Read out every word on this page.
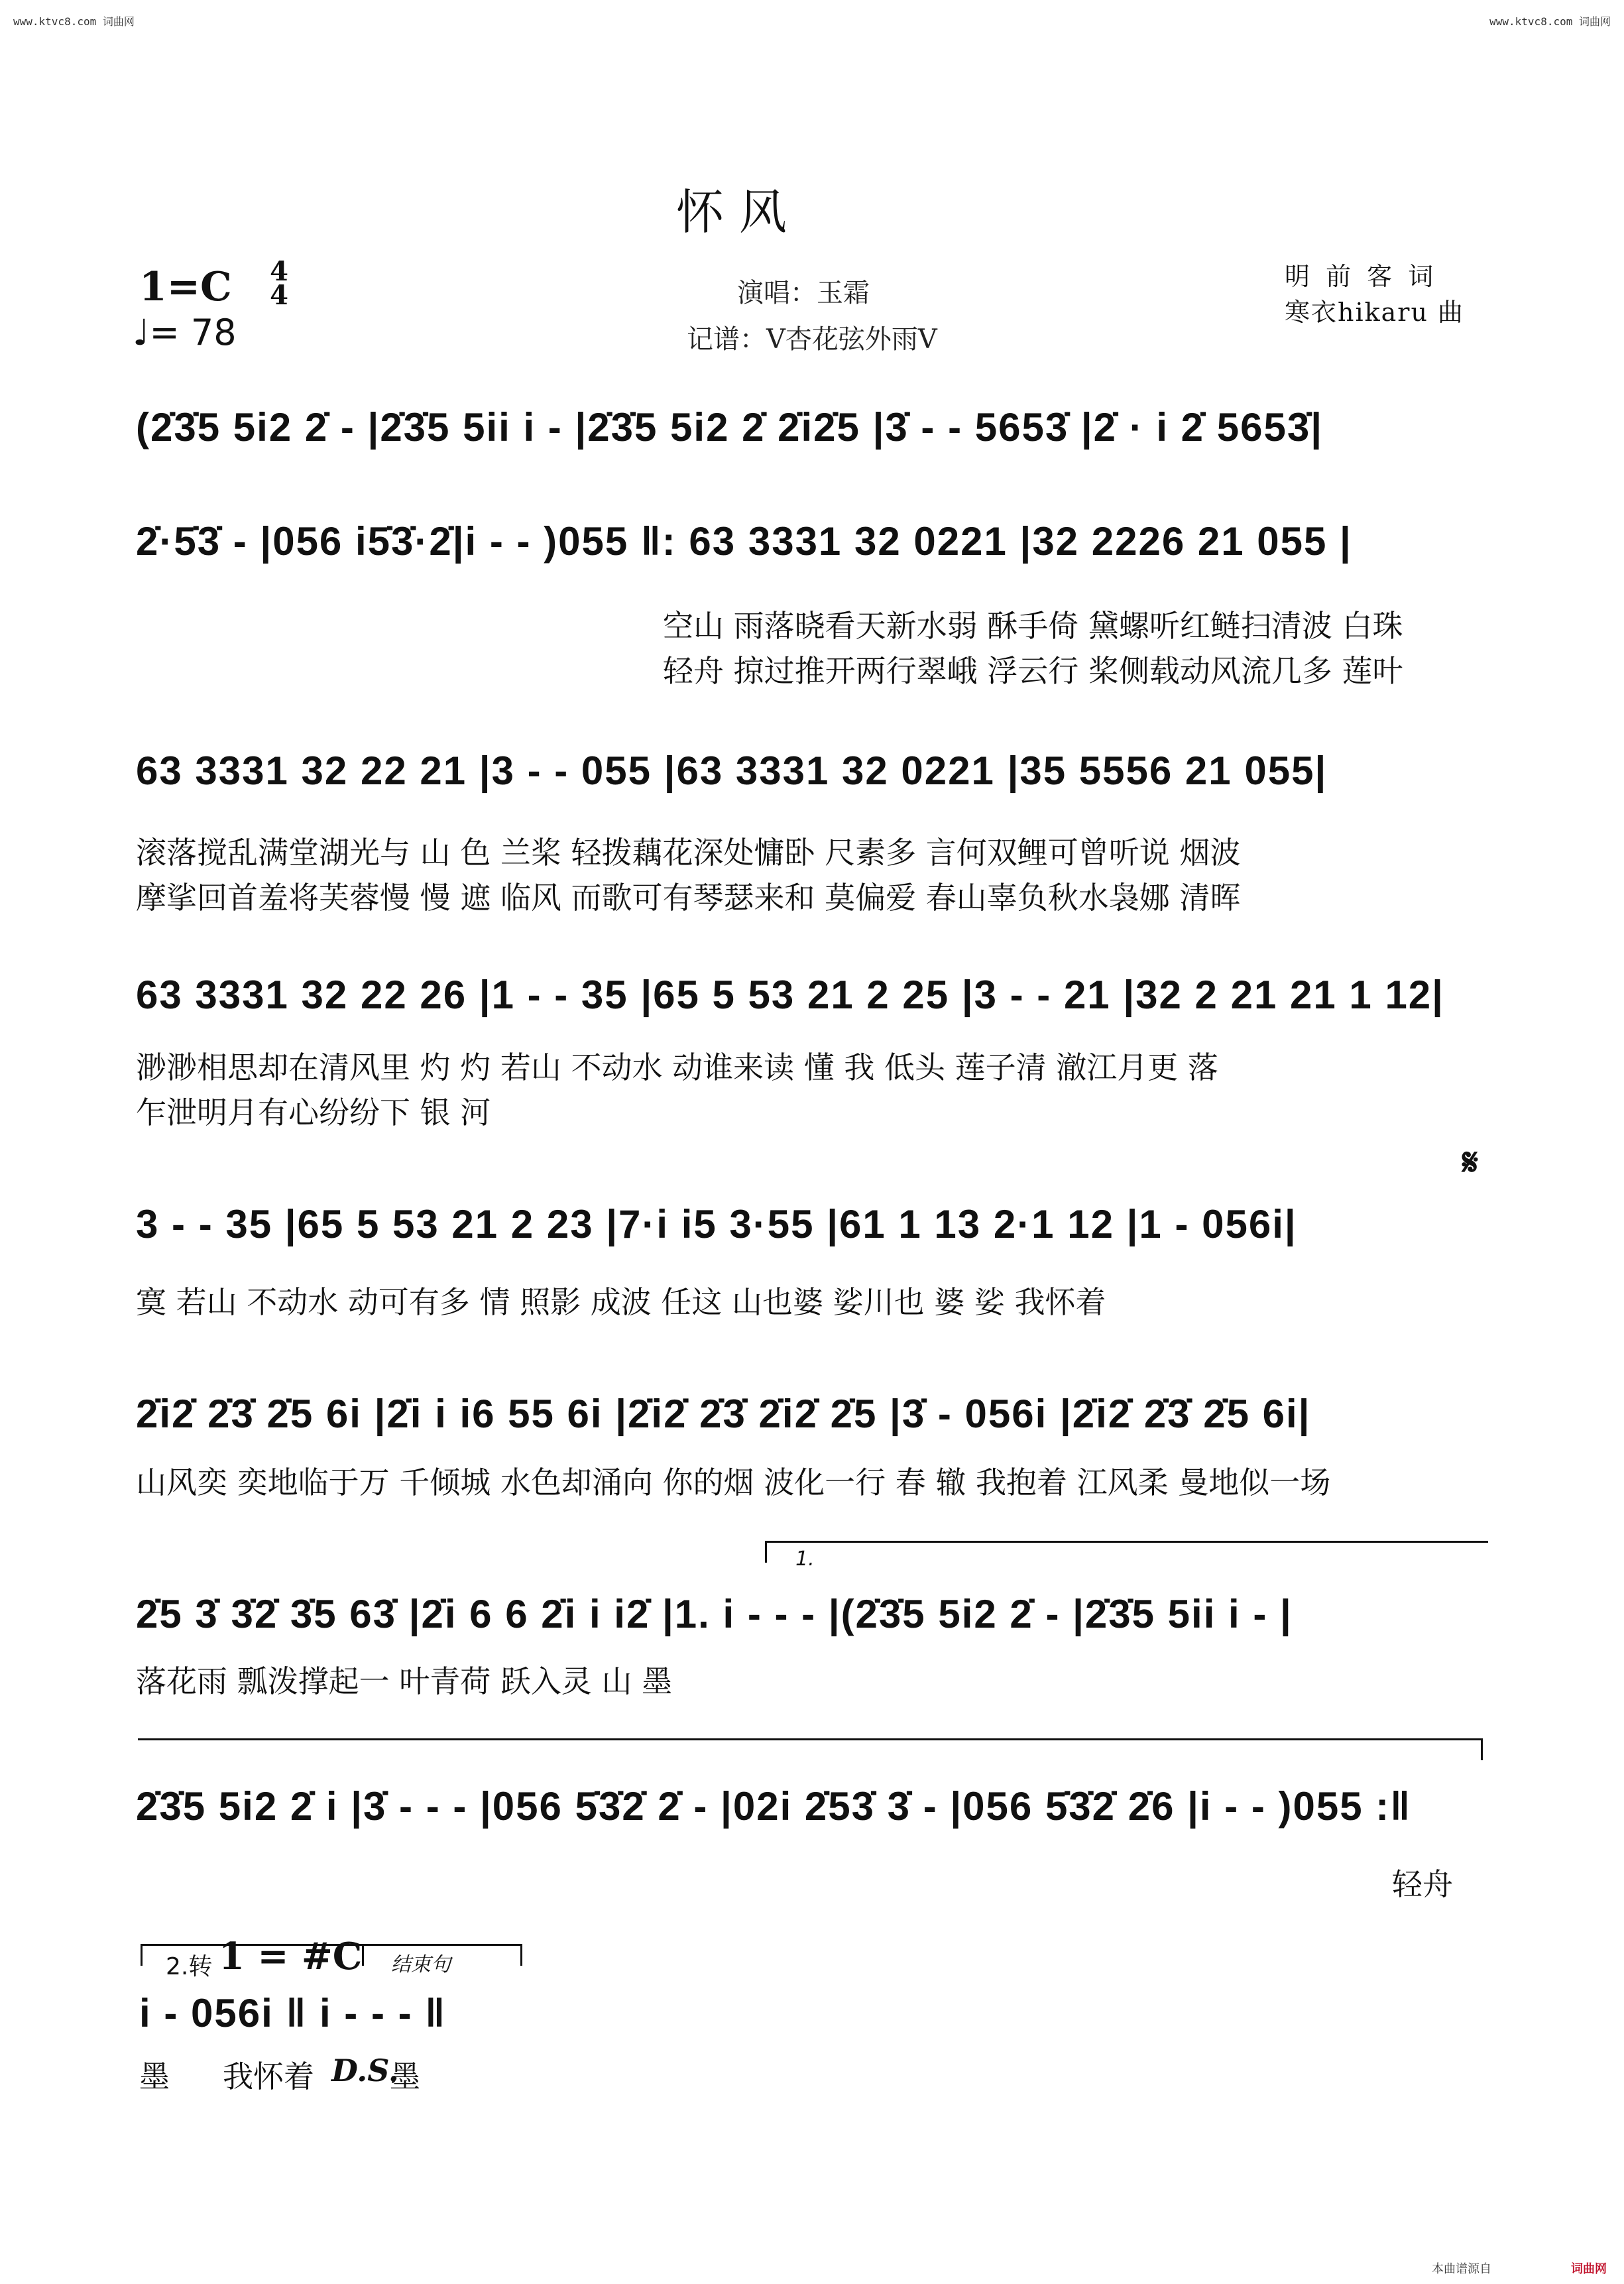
www.ktvc8.com 词曲网	www.ktvc8.com 词曲网
怀 风
演唱：玉霜
记谱：V杏花弦外雨V
明 前 客 词
寒衣hikaru 曲
1=C 4
4
♩= 78
(2̇3̇5 5i2 2̇ - |2̇3̇5 5ii i - |2̇3̇5 5i2 2̇ 2̇i2̇5 |3̇ - - 5653̇ |2̇ · i 2̇ 5653̇|
2̇·5̇3̇ - |056 i5̇3̇·2̇|i - - )055 ‖: 63 3331 32 0221 |32 2226 21 055 |
空山 雨落晓看天新水弱 酥手倚 黛螺听红鲢扫清波 白珠
轻舟 掠过推开两行翠峨 浮云行 桨侧载动风流几多 莲叶
63 3331 32 22 21 |3 - - 055 |63 3331 32 0221 |35 5556 21 055|
滚落搅乱满堂湖光与 山 色 兰桨 轻拨藕花深处慵卧 尺素多 言何双鲤可曾听说 烟波
摩挲回首羞将芙蓉慢 慢 遮 临风 而歌可有琴瑟来和 莫偏爱 春山辜负秋水袅娜 清晖
63 3331 32 22 26 |1 - - 35 |65 5 53 21 2 25 |3 - - 21 |32 2 21 21 1 12|
渺渺相思却在清风里 灼 灼 若山 不动水 动谁来读 懂 我 低头 莲子清 澈江月更 落
乍泄明月有心纷纷下 银 河
𝄋
3 - - 35 |65 5 53 21 2 23 |7·i i5 3·55 |61 1 13 2·1 12 |1 - 056i|
寞 若山 不动水 动可有多 情 照影 成波 任这 山也婆 娑川也 婆 娑 我怀着
2̇i2̇ 2̇3̇ 2̇5 6i |2̇i i i6 55 6i |2̇i2̇ 2̇3̇ 2̇i2̇ 2̇5 |3̇ - 056i |2̇i2̇ 2̇3̇ 2̇5 6i|
山风奕 奕地临于万 千倾城 水色却涌向 你的烟 波化一行 春 辙 我抱着 江风柔 曼地似一场
1.
2̇5 3̇ 3̇2̇ 3̇5 63̇ |2̇i 6 6 2̇i i i2̇ |1. i - - - |(2̇3̇5 5i2 2̇ - |2̇3̇5 5ii i - |
落花雨 瓢泼撑起一 叶青荷 跃入灵 山 墨
2̇3̇5 5i2 2̇ i |3̇ - - - |056 5̇3̇2̇ 2̇ - |02i 2̇53̇ 3̇ - |056 5̇3̇2̇ 2̇6 |i - - )055 :‖
轻舟
2.转 1 = #C 结束句
i - 056i ‖ i - - - ‖
墨 我怀着 D.S.
墨
本曲谱源自	词曲网
